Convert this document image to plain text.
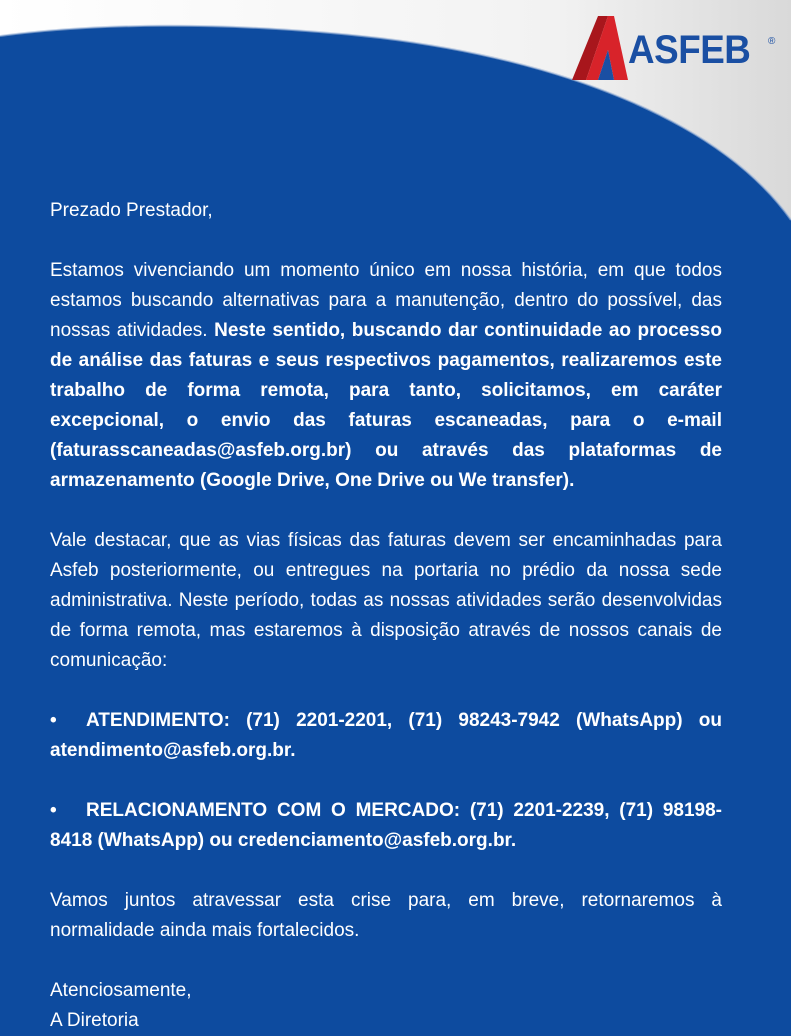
ASFEB ®

Prezado Prestador,

Estamos vivenciando um momento único em nossa história, em que todos estamos buscando alternativas para a manutenção, dentro do possível, das nossas atividades. Neste sentido, buscando dar continuidade ao processo de análise das faturas e seus respectivos pagamentos, realizaremos este trabalho de forma remota, para tanto, solicitamos, em caráter excepcional, o envio das faturas escaneadas, para o e-mail (faturasscaneadas@asfeb.org.br) ou através das plataformas de armazenamento (Google Drive, One Drive ou We transfer).

Vale destacar, que as vias físicas das faturas devem ser encaminhadas para Asfeb posteriormente, ou entregues na portaria no prédio da nossa sede administrativa. Neste período, todas as nossas atividades serão desenvolvidas de forma remota, mas estaremos à disposição através de nossos canais de comunicação:

• ATENDIMENTO: (71) 2201-2201, (71) 98243-7942 (WhatsApp) ou atendimento@asfeb.org.br.

• RELACIONAMENTO COM O MERCADO: (71) 2201-2239, (71) 98198-8418 (WhatsApp) ou credenciamento@asfeb.org.br.

Vamos juntos atravessar esta crise para, em breve, retornaremos à normalidade ainda mais fortalecidos.

Atenciosamente,

A Diretoria
